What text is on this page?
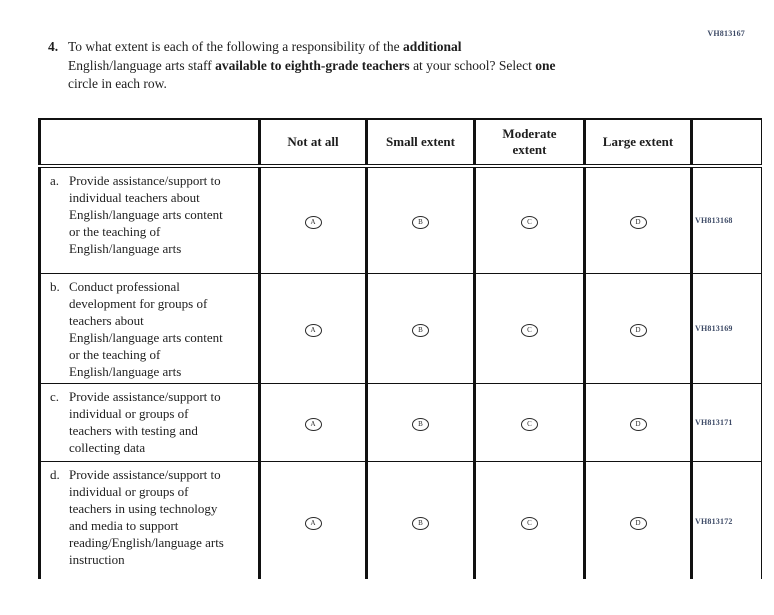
VH813167
4. To what extent is each of the following a responsibility of the additional
English/language arts staff available to eighth-grade teachers at your school? Select one
circle in each row.
	Not at all	Small extent	Moderate extent	Large extent	

a. Provide assistance/support to individual teachers about English/language arts content or the teaching of English/language arts	A	B	C	D	VH813168

b. Conduct professional development for groups of teachers about English/language arts content or the teaching of English/language arts	A	B	C	D	VH813169

c. Provide assistance/support to individual or groups of teachers with testing and collecting data	A	B	C	D	VH813171

d. Provide assistance/support to individual or groups of teachers in using technology and media to support reading/English/language arts instruction	A	B	C	D	VH813172
